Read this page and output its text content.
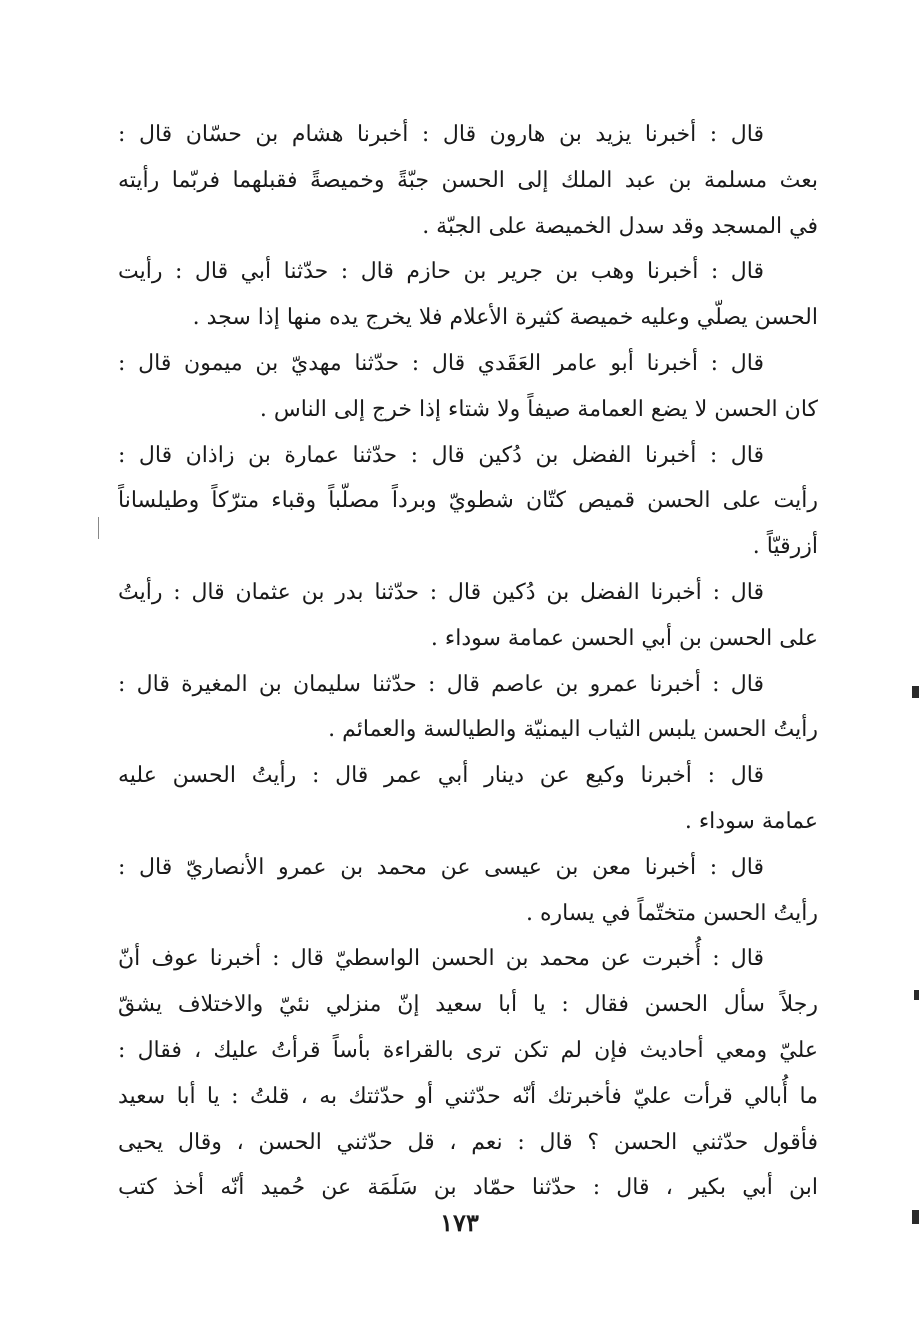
قال : أخبرنا يزيد بن هارون قال : أخبرنا هشام بن حسّان قال :
بعث مسلمة بن عبد الملك إلى الحسن جبّةً وخميصةً فقبلهما فربّما رأيته
في المسجد وقد سدل الخميصة على الجبّة .
قال : أخبرنا وهب بن جرير بن حازم قال : حدّثنا أبي قال : رأيت
الحسن يصلّي وعليه خميصة كثيرة الأعلام فلا يخرج يده منها إذا سجد .
قال : أخبرنا أبو عامر العَقَدي قال : حدّثنا مهديّ بن ميمون قال :
كان الحسن لا يضع العمامة صيفاً ولا شتاء إذا خرج إلى الناس .
قال : أخبرنا الفضل بن دُكين قال : حدّثنا عمارة بن زاذان قال :
رأيت على الحسن قميص كتّان شطويّ وبرداً مصلّباً وقباء مترّكاً وطيلساناً
أزرقيّاً .
قال : أخبرنا الفضل بن دُكين قال : حدّثنا بدر بن عثمان قال : رأيتُ
على الحسن بن أبي الحسن عمامة سوداء .
قال : أخبرنا عمرو بن عاصم قال : حدّثنا سليمان بن المغيرة قال :
رأيتُ الحسن يلبس الثياب اليمنيّة والطيالسة والعمائم .
قال : أخبرنا وكيع عن دينار أبي عمر قال : رأيتُ الحسن عليه
عمامة سوداء .
قال : أخبرنا معن بن عيسى عن محمد بن عمرو الأنصاريّ قال :
رأيتُ الحسن متختّماً في يساره .
قال : أُخبرت عن محمد بن الحسن الواسطيّ قال : أخبرنا عوف أنّ
رجلاً سأل الحسن فقال : يا أبا سعيد إنّ منزلي نئيّ والاختلاف يشقّ
عليّ ومعي أحاديث فإن لم تكن ترى بالقراءة بأساً قرأتُ عليك ، فقال :
ما أُبالي قرأت عليّ فأخبرتك أنّه حدّثني أو حدّثتك به ، قلتُ : يا أبا سعيد
فأقول حدّثني الحسن ؟ قال : نعم ، قل حدّثني الحسن ، وقال يحيى
ابن أبي بكير ، قال : حدّثنا حمّاد بن سَلَمَة عن حُميد أنّه أخذ كتب
١٧٣
